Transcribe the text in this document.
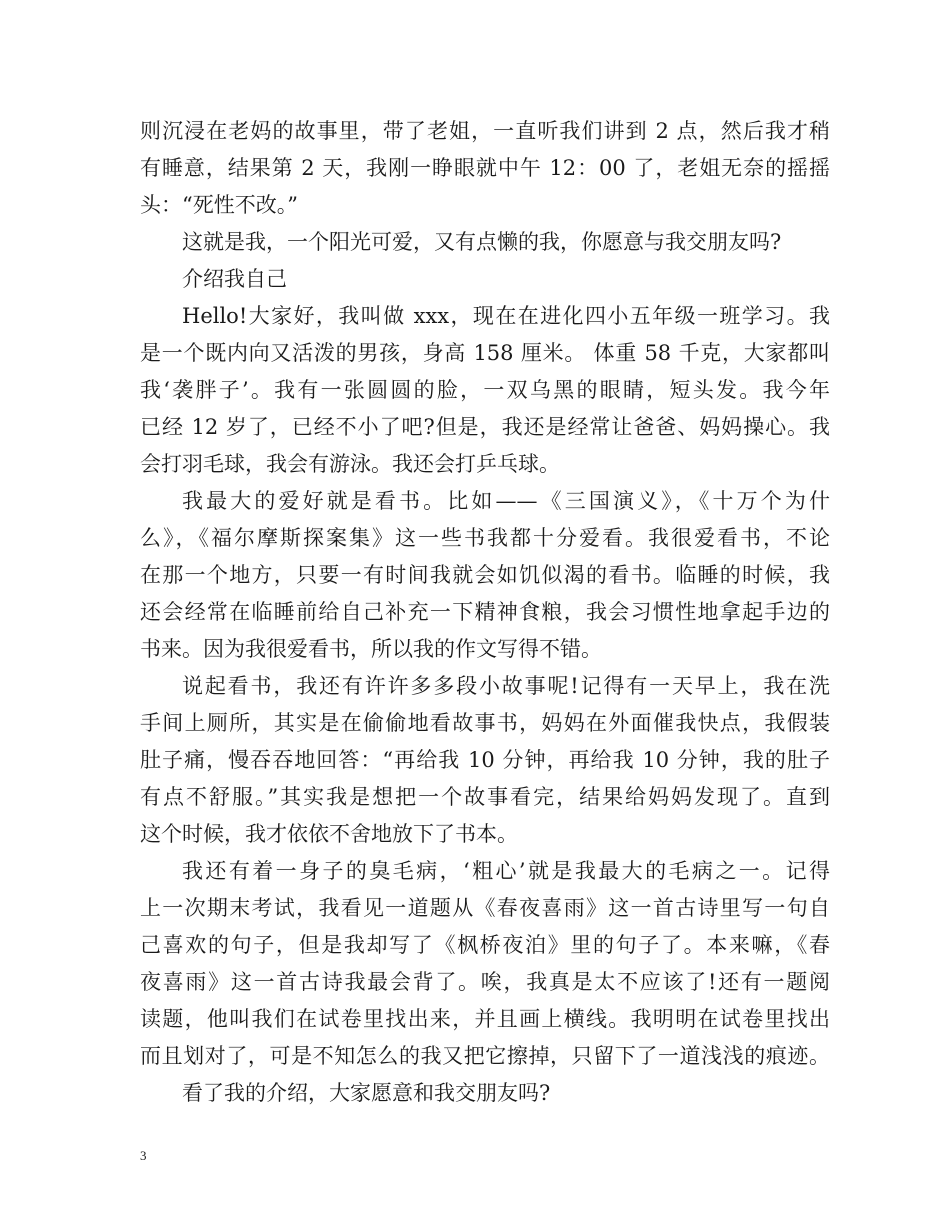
则沉浸在老妈的故事里，带了老姐，一直听我们讲到 2 点，然后我才稍
有睡意，结果第 2 天，我刚一睁眼就中午 12：00 了，老姐无奈的摇摇
头：“死性不改。”
这就是我，一个阳光可爱，又有点懒的我，你愿意与我交朋友吗?
介绍我自己
Hello!大家好，我叫做 xxx，现在在进化四小五年级一班学习。我
是一个既内向又活泼的男孩，身高 158 厘米。 体重 58 千克，大家都叫
我‘袭胖子’。我有一张圆圆的脸，一双乌黑的眼睛，短头发。我今年
已经 12 岁了，已经不小了吧?但是，我还是经常让爸爸、妈妈操心。我
会打羽毛球，我会有游泳。我还会打乒乓球。
我最大的爱好就是看书。比如——《三国演义》，《十万个为什
么》，《福尔摩斯探案集》这一些书我都十分爱看。我很爱看书，不论
在那一个地方，只要一有时间我就会如饥似渴的看书。临睡的时候，我
还会经常在临睡前给自己补充一下精神食粮，我会习惯性地拿起手边的
书来。因为我很爱看书，所以我的作文写得不错。
说起看书，我还有许许多多段小故事呢!记得有一天早上，我在洗
手间上厕所，其实是在偷偷地看故事书，妈妈在外面催我快点，我假装
肚子痛，慢吞吞地回答：“再给我 10 分钟，再给我 10 分钟，我的肚子
有点不舒服。”其实我是想把一个故事看完，结果给妈妈发现了。直到
这个时候，我才依依不舍地放下了书本。
我还有着一身子的臭毛病，‘粗心’就是我最大的毛病之一。记得
上一次期末考试，我看见一道题从《春夜喜雨》这一首古诗里写一句自
己喜欢的句子，但是我却写了《枫桥夜泊》里的句子了。本来嘛，《春
夜喜雨》这一首古诗我最会背了。唉，我真是太不应该了!还有一题阅
读题，他叫我们在试卷里找出来，并且画上横线。我明明在试卷里找出
而且划对了，可是不知怎么的我又把它擦掉，只留下了一道浅浅的痕迹。
看了我的介绍，大家愿意和我交朋友吗?
3
